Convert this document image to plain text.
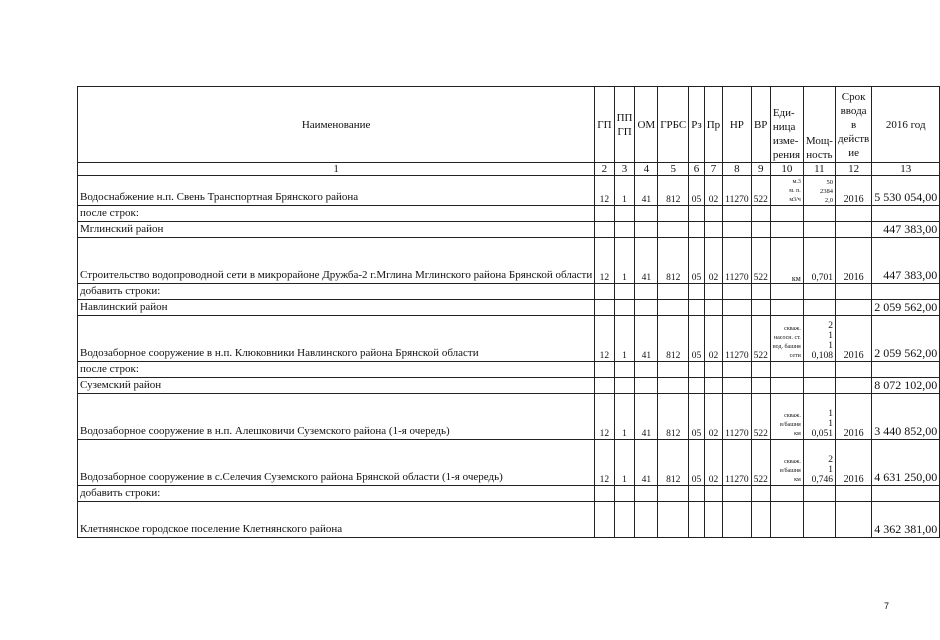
Наименование	ГП	ПП ГП	ОМ	ГРБС	Рз	Пр	НР	ВР	Еди- ница изме- рения	Мощ- ность	Срок ввода в действ ие	2016 год
1	2	3	4	5	6	7	8	9	10	11	12	13
Водоснабжение н.п. Свень Транспортная Брянского района	12	1	41	812	05	02	11270	522	м.3
м. п.
м3/ч	50
2384
2,0	2016	5 530 054,00
после строк:												
Мглинский район												447 383,00
Строительство водопроводной сети в микрорайоне Дружба-2 г.Мглина Мглинского района Брянской области	12	1	41	812	05	02	11270	522	км	0,701	2016	447 383,00
добавить строки:												
Навлинский район												2 059 562,00
Водозаборное сооружение в н.п. Клюковники Навлинского района Брянской области	12	1	41	812	05	02	11270	522	скваж.
насосн. ст.
вод. башня
сети	2
1
1
0,108	2016	2 059 562,00
после строк:												
Суземский район												8 072 102,00
Водозаборное сооружение в н.п. Алешковичи Суземского района (1-я очередь)	12	1	41	812	05	02	11270	522	скваж.
в/башня
км	1
1
0,051	2016	3 440 852,00
Водозаборное сооружение в с.Селечия Суземского района Брянской области (1-я очередь)	12	1	41	812	05	02	11270	522	скваж.
в/башня
км	2
1
0,746	2016	4 631 250,00
добавить строки:												
Клетнянское городское поселение Клетнянского района												4 362 381,00
7
